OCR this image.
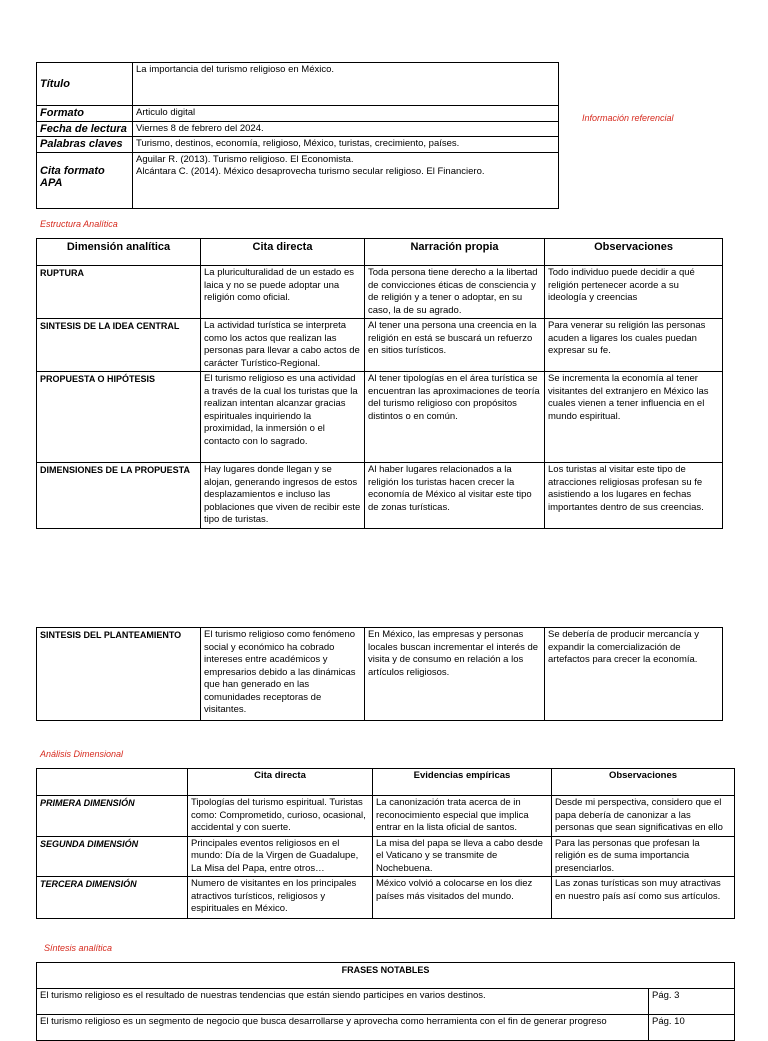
Título	La importancia del turismo religioso en México.
Formato	Articulo digital
Fecha de lectura	Viernes 8 de febrero del 2024.
Palabras claves	Turismo, destinos, economía, religioso, México, turistas, crecimiento, países.
Cita formato APA	Aguilar R. (2013). Turismo religioso. El Economista.
Alcántara C. (2014). México desaprovecha turismo secular religioso. El Financiero.
Información referencial
Estructura Analítica
Dimensión analítica	Cita directa	Narración propia	Observaciones
RUPTURA	La pluriculturalidad de un estado es laica y no se puede adoptar una religión como oficial.	Toda persona tiene derecho a la libertad de convicciones éticas de consciencia y de religión y a tener o adoptar, en su caso, la de su agrado.	Todo individuo puede decidir a qué religión pertenecer acorde a su ideología y creencias
SINTESIS DE LA IDEA CENTRAL	La actividad turística se interpreta como los actos que realizan las personas para llevar a cabo actos de carácter Turístico-Regional.	Al tener una persona una creencia en la religión en está se buscará un refuerzo en sitios turísticos.	Para venerar su religión las personas acuden a ligares los cuales puedan expresar su fe.
PROPUESTA O HIPÓTESIS	El turismo religioso es una actividad a través de la cual los turistas que la realizan intentan alcanzar gracias espirituales inquiriendo la proximidad, la inmersión o el contacto con lo sagrado.	Al tener tipologías en el área turística se encuentran las aproximaciones de teoría del turismo religioso con propósitos distintos o en común.	Se incrementa la economía al tener visitantes del extranjero en México las cuales vienen a tener influencia en el mundo espiritual.
DIMENSIONES DE LA PROPUESTA	Hay lugares donde llegan y se alojan, generando ingresos de estos desplazamientos e incluso las poblaciones que viven de recibir este tipo de turistas.	Al haber lugares relacionados a la religión los turistas hacen crecer la economía de México al visitar este tipo de zonas turísticas.	Los turistas al visitar este tipo de atracciones religiosas profesan su fe asistiendo a los lugares en fechas importantes dentro de sus creencias.
SINTESIS DEL PLANTEAMIENTO	El turismo religioso como fenómeno social y económico ha cobrado intereses entre académicos y empresarios debido a las dinámicas que han generado en las comunidades receptoras de visitantes.	En México, las empresas y personas locales buscan incrementar el interés de visita y de consumo en relación a los artículos religiosos.	Se debería de producir mercancía y expandir la comercialización de artefactos para crecer la economía.
Análisis Dimensional
	Cita directa	Evidencias empíricas	Observaciones
PRIMERA DIMENSIÓN	Tipologías del turismo espiritual. Turistas como: Comprometido, curioso, ocasional, accidental y con suerte.	La canonización trata acerca de in reconocimiento especial que implica entrar en la lista oficial de santos.	Desde mi perspectiva, considero que el papa debería de canonizar a las personas que sean significativas en ello
SEGUNDA DIMENSIÓN	Principales eventos religiosos en el mundo: Día de la Virgen de Guadalupe, La Misa del Papa, entre otros…	La misa del papa se lleva a cabo desde el Vaticano y se transmite de Nochebuena.	Para las personas que profesan la religión es de suma importancia presenciarlos.
TERCERA DIMENSIÓN	Numero de visitantes en los principales atractivos turísticos, religiosos y espirituales en México.	México volvió a colocarse en los diez países más visitados del mundo.	Las zonas turísticas son muy atractivas en nuestro país así como sus artículos.
Síntesis analítica
FRASES NOTABLES	
El turismo religioso es el resultado de nuestras tendencias que están siendo participes en varios destinos.	Pág. 3
El turismo religioso es un segmento de negocio que busca desarrollarse y aprovecha como herramienta con el fin de generar progreso	Pág. 10
